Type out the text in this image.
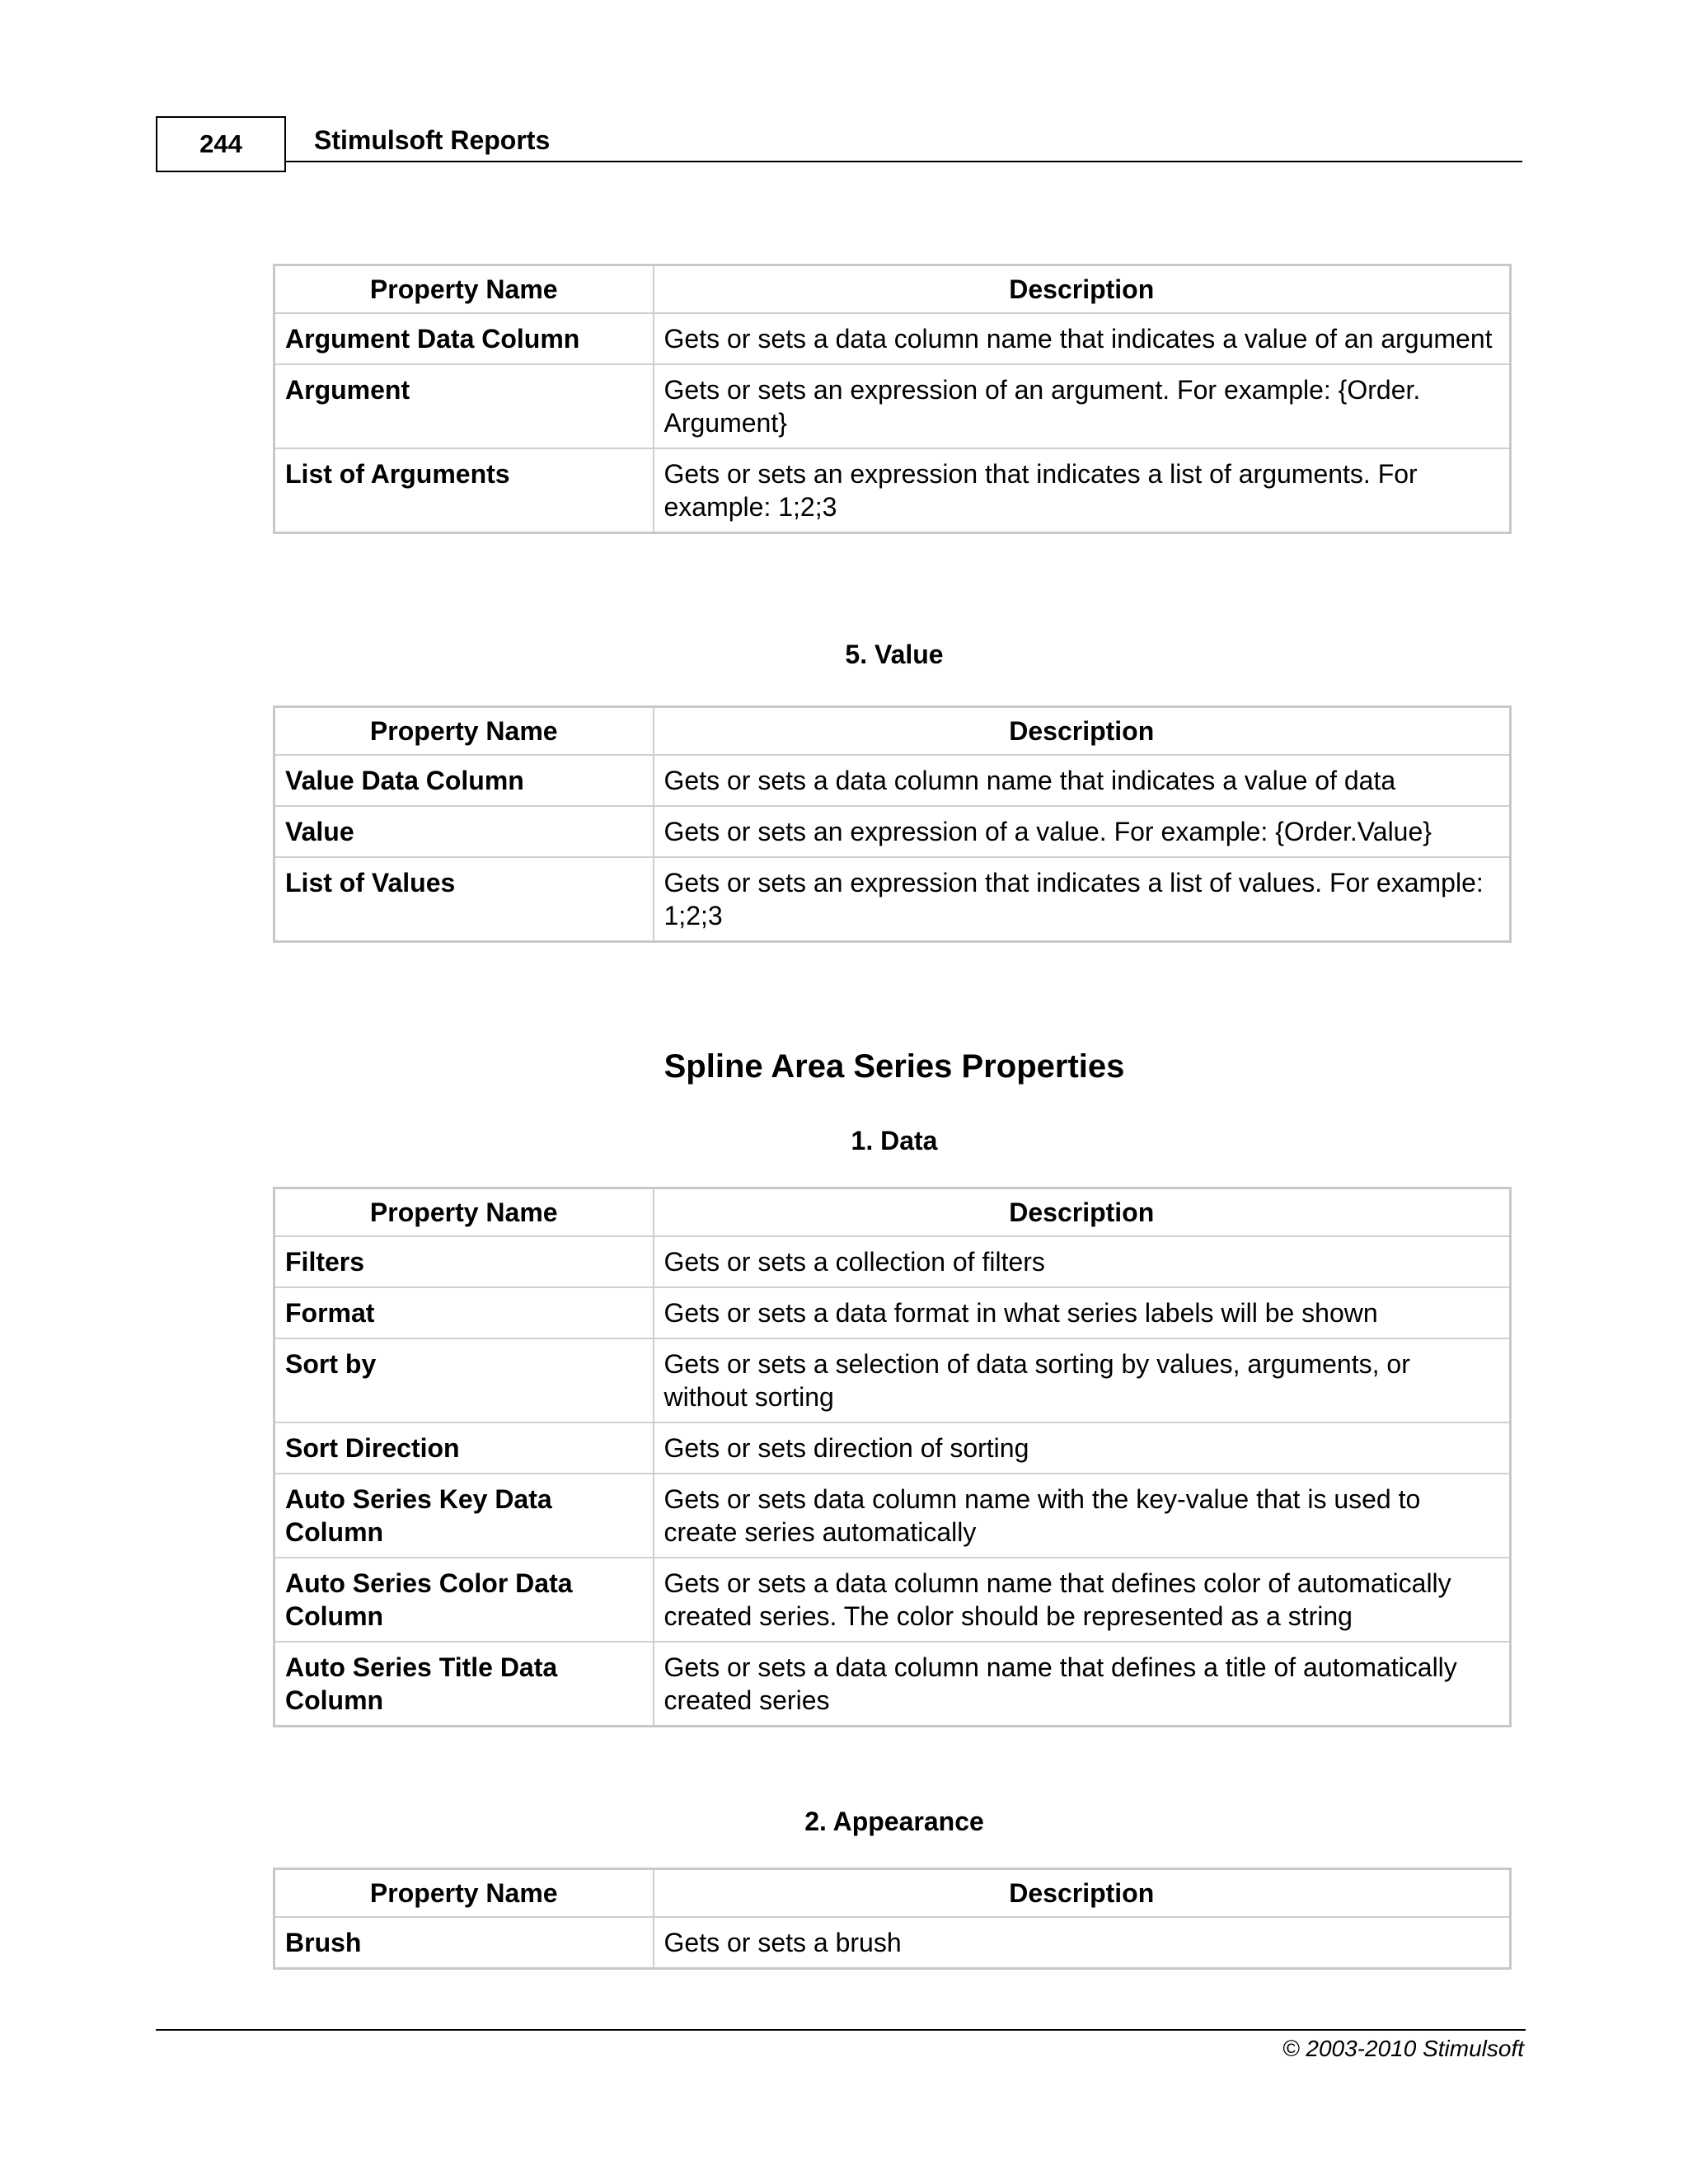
244	Stimulsoft Reports
Property Name	Description
Argument Data Column	Gets or sets a data column name that indicates a value of an argument
Argument	Gets or sets an expression of an argument. For example: {Order. Argument}
List of Arguments	Gets or sets an expression that indicates a list of arguments. For example: 1;2;3
5. Value
Property Name	Description
Value Data Column	Gets or sets a data column name that indicates a value of data
Value	Gets or sets an expression of a value. For example: {Order.Value}
List of Values	Gets or sets an expression that indicates a list of values. For example: 1;2;3
Spline Area Series Properties
1. Data
Property Name	Description
Filters	Gets or sets a collection of filters
Format	Gets or sets a data format in what series labels will be shown
Sort by	Gets or sets a selection of data sorting by values, arguments, or without sorting
Sort Direction	Gets or sets direction of sorting
Auto Series Key Data Column	Gets or sets data column name with the key-value that is used to create series automatically
Auto Series Color Data Column	Gets or sets a data column name that defines color of automatically created series. The color should be represented as a string
Auto Series Title Data Column	Gets or sets a data column name that defines a title of automatically created series
2. Appearance
Property Name	Description
Brush	Gets or sets a brush
© 2003-2010 Stimulsoft
